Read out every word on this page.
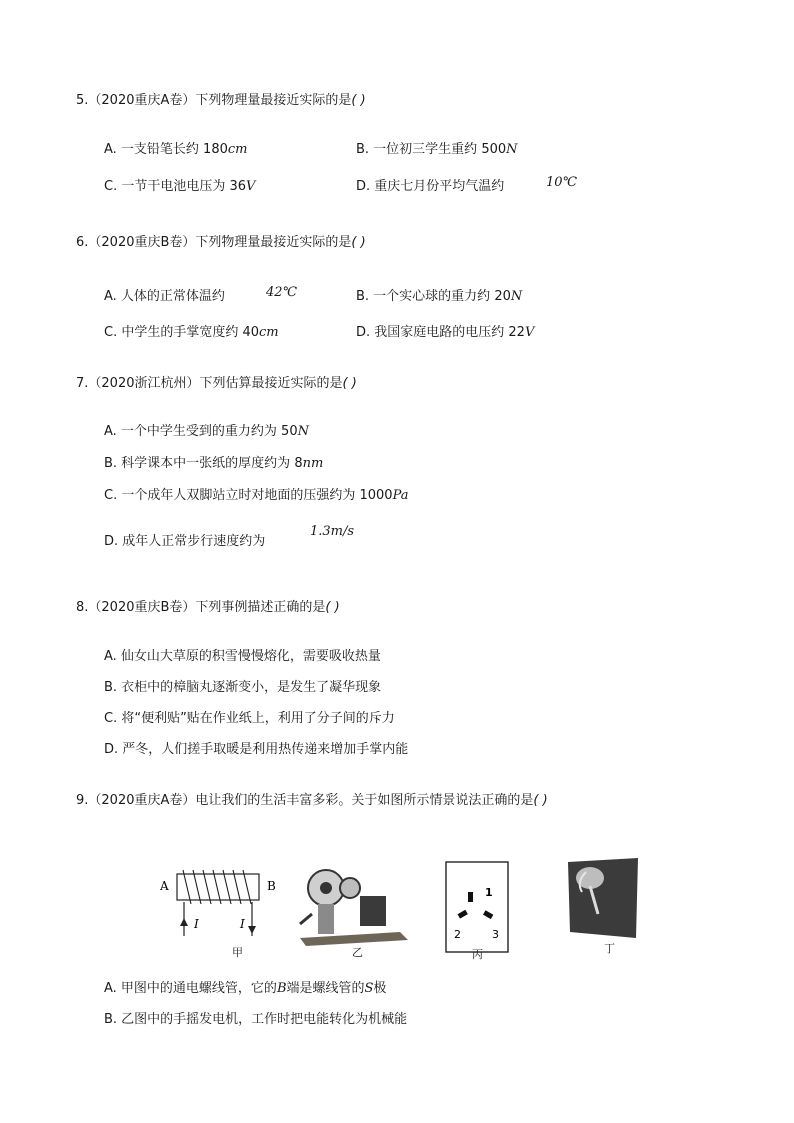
5.（2020重庆A卷）下列物理量最接近实际的是( )
A. 一支铅笔长约 180cm	B. 一位初三学生重约 500N
C. 一节干电池电压为 36V	D. 重庆七月份平均气温约	10℃
6.（2020重庆B卷）下列物理量最接近实际的是( )
A. 人体的正常体温约	42℃	B. 一个实心球的重力约 20N
C. 中学生的手掌宽度约 40cm	D. 我国家庭电路的电压约 22V
7.（2020浙江杭州）下列估算最接近实际的是( )
A. 一个中学生受到的重力约为 50N
B. 科学课本中一张纸的厚度约为 8nm
C. 一个成年人双脚站立时对地面的压强约为 1000Pa
D. 成年人正常步行速度约为
1.3m/s
8.（2020重庆B卷）下列事例描述正确的是( )
A. 仙女山大草原的积雪慢慢熔化，需要吸收热量
B. 衣柜中的樟脑丸逐渐变小，是发生了凝华现象
C. 将“便利贴”贴在作业纸上，利用了分子间的斥力
D. 严冬，人们搓手取暖是利用热传递来增加手掌内能
9.（2020重庆A卷）电让我们的生活丰富多彩。关于如图所示情景说法正确的是( )
A	B
I	I
1
2	3
甲	乙	丙	丁
A. 甲图中的通电螺线管，它的B端是螺线管的S极
B. 乙图中的手摇发电机，工作时把电能转化为机械能
